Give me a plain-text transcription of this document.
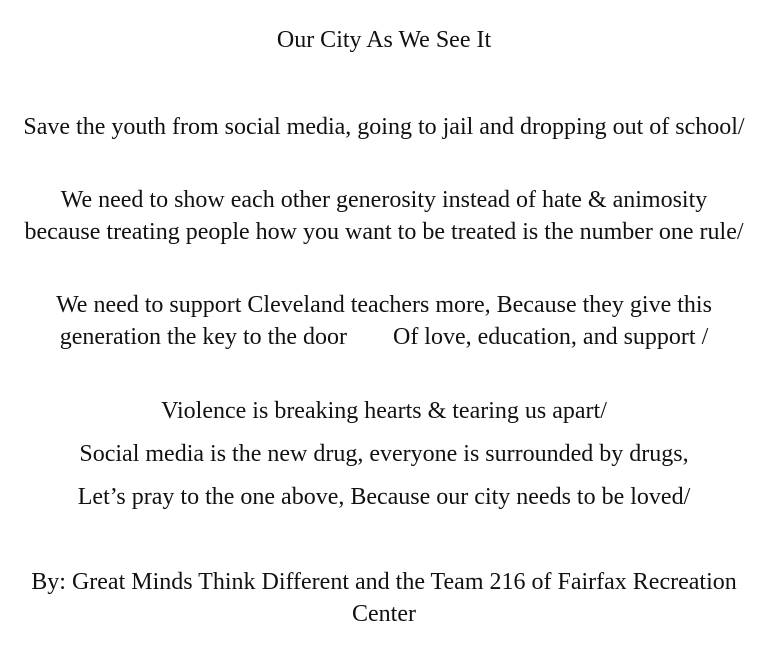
Our City As We See It

Save the youth from social media, going to jail and dropping out of school/

We need to show each other generosity instead of hate & animosity because treating people how you want to be treated is the number one rule/

We need to support Cleveland teachers more, Because they give this generation the key to the door Of love, education, and support /

Violence is breaking hearts & tearing us apart/

Social media is the new drug, everyone is surrounded by drugs,

Let’s pray to the one above, Because our city needs to be loved/

By: Great Minds Think Different and the Team 216 of Fairfax Recreation Center
